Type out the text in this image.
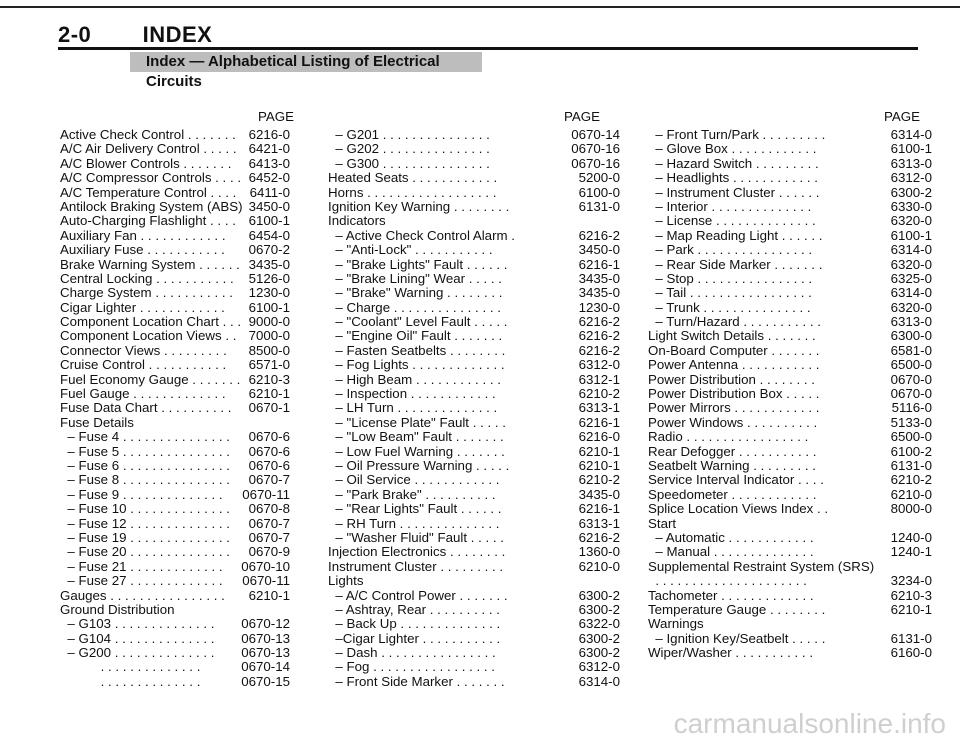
2-0 INDEX
Index — Alphabetical Listing of Electrical Circuits
PAGE
Active Check Control . . . . . . . 6216-0
A/C Air Delivery Control . . . . . 6421-0
A/C Blower Controls . . . . . . .	6413-0
A/C Compressor Controls . . . . 6452-0
A/C Temperature Control . . . . 6411-0
Antilock Braking System (ABS) 3450-0
Auto-Charging Flashlight . . . . 6100-1
Auxiliary Fan . . . . . . . . . . . .	6454-0
Auxiliary Fuse . . . . . . . . . . .	0670-2
Brake Warning System . . . . . . 3435-0
Central Locking . . . . . . . . . . .	5126-0
Charge System . . . . . . . . . . .	1230-0
Cigar Lighter . . . . . . . . . . . .	6100-1
Component Location Chart . . . 9000-0
Component Location Views . . 7000-0
Connector Views . . . . . . . . .	8500-0
Cruise Control . . . . . . . . . . .	6571-0
Fuel Economy Gauge . . . . . . . 6210-3
Fuel Gauge . . . . . . . . . . . . .	6210-1
Fuse Data Chart . . . . . . . . . .	0670-1
Fuse Details
– Fuse 4 . . . . . . . . . . . . . . .	0670-6
– Fuse 5 . . . . . . . . . . . . . . .	0670-6
– Fuse 6 . . . . . . . . . . . . . . .	0670-6
– Fuse 8 . . . . . . . . . . . . . . .	0670-7
– Fuse 9 . . . . . . . . . . . . . .	0670-11
– Fuse 10 . . . . . . . . . . . . . .	0670-8
– Fuse 12 . . . . . . . . . . . . . .	0670-7
– Fuse 19 . . . . . . . . . . . . . .	0670-7
– Fuse 20 . . . . . . . . . . . . . .	0670-9
– Fuse 21 . . . . . . . . . . . . .	0670-10
– Fuse 27 . . . . . . . . . . . . .	0670-11
Gauges . . . . . . . . . . . . . . . .	6210-1
Ground Distribution
– G103 . . . . . . . . . . . . . .	0670-12
– G104 . . . . . . . . . . . . . .	0670-13
– G200 . . . . . . . . . . . . . .	0670-13
. . . . . . . . . . . . . .	0670-14
. . . . . . . . . . . . . .	0670-15
PAGE
– G201 . . . . . . . . . . . . . . .	0670-14
– G202 . . . . . . . . . . . . . . .	0670-16
– G300 . . . . . . . . . . . . . . .	0670-16
Heated Seats . . . . . . . . . . . .	5200-0
Horns . . . . . . . . . . . . . . . . . .	6100-0
Ignition Key Warning . . . . . . . .	6131-0
Indicators
– Active Check Control Alarm .	6216-2
– "Anti-Lock" . . . . . . . . . . .	3450-0
– "Brake Lights" Fault . . . . . .	6216-1
– "Brake Lining" Wear . . . . .	3435-0
– "Brake" Warning . . . . . . . .	3435-0
– Charge . . . . . . . . . . . . . . .	1230-0
– "Coolant" Level Fault . . . . .	6216-2
– "Engine Oil" Fault . . . . . . .	6216-2
– Fasten Seatbelts . . . . . . . .	6216-2
– Fog Lights . . . . . . . . . . . . .	6312-0
– High Beam . . . . . . . . . . . .	6312-1
– Inspection . . . . . . . . . . . .	6210-2
– LH Turn . . . . . . . . . . . . . .	6313-1
– "License Plate" Fault . . . . .	6216-1
– "Low Beam" Fault . . . . . . .	6216-0
– Low Fuel Warning . . . . . . .	6210-1
– Oil Pressure Warning . . . . .	6210-1
– Oil Service . . . . . . . . . . . .	6210-2
– "Park Brake" . . . . . . . . . .	3435-0
– "Rear Lights" Fault . . . . . .	6216-1
– RH Turn . . . . . . . . . . . . . .	6313-1
– "Washer Fluid" Fault . . . . .	6216-2
Injection Electronics . . . . . . . .	1360-0
Instrument Cluster . . . . . . . . .	6210-0
Lights
– A/C Control Power . . . . . . .	6300-2
– Ashtray, Rear . . . . . . . . . .	6300-2
– Back Up . . . . . . . . . . . . . .	6322-0
–Cigar Lighter . . . . . . . . . . .	6300-2
– Dash . . . . . . . . . . . . . . . .	6300-2
– Fog . . . . . . . . . . . . . . . . .	6312-0
– Front Side Marker . . . . . . .	6314-0
PAGE
– Front Turn/Park . . . . . . . . .	6314-0
– Glove Box . . . . . . . . . . . .	6100-1
– Hazard Switch . . . . . . . . .	6313-0
– Headlights . . . . . . . . . . . .	6312-0
– Instrument Cluster . . . . . .	6300-2
– Interior . . . . . . . . . . . . . .	6330-0
– License . . . . . . . . . . . . . .	6320-0
– Map Reading Light . . . . . .	6100-1
– Park . . . . . . . . . . . . . . . .	6314-0
– Rear Side Marker . . . . . . .	6320-0
– Stop . . . . . . . . . . . . . . . .	6325-0
– Tail . . . . . . . . . . . . . . . . .	6314-0
– Trunk . . . . . . . . . . . . . . .	6320-0
– Turn/Hazard . . . . . . . . . . .	6313-0
Light Switch Details . . . . . . .	6300-0
On-Board Computer . . . . . . .	6581-0
Power Antenna . . . . . . . . . . .	6500-0
Power Distribution . . . . . . . .	0670-0
Power Distribution Box . . . . .	0670-0
Power Mirrors . . . . . . . . . . . .	5116-0
Power Windows . . . . . . . . . .	5133-0
Radio . . . . . . . . . . . . . . . . .	6500-0
Rear Defogger . . . . . . . . . . .	6100-2
Seatbelt Warning . . . . . . . . .	6131-0
Service Interval Indicator . . . .	6210-2
Speedometer . . . . . . . . . . . .	6210-0
Splice Location Views Index . .	8000-0
Start
– Automatic . . . . . . . . . . . .	1240-0
– Manual . . . . . . . . . . . . . .	1240-1
Supplemental Restraint System (SRS)
. . . . . . . . . . . . . . . . . . . . .	3234-0
Tachometer . . . . . . . . . . . . .	6210-3
Temperature Gauge . . . . . . . .	6210-1
Warnings
– Ignition Key/Seatbelt . . . . .	6131-0
Wiper/Washer . . . . . . . . . . .	6160-0
carmanualsonline.info
